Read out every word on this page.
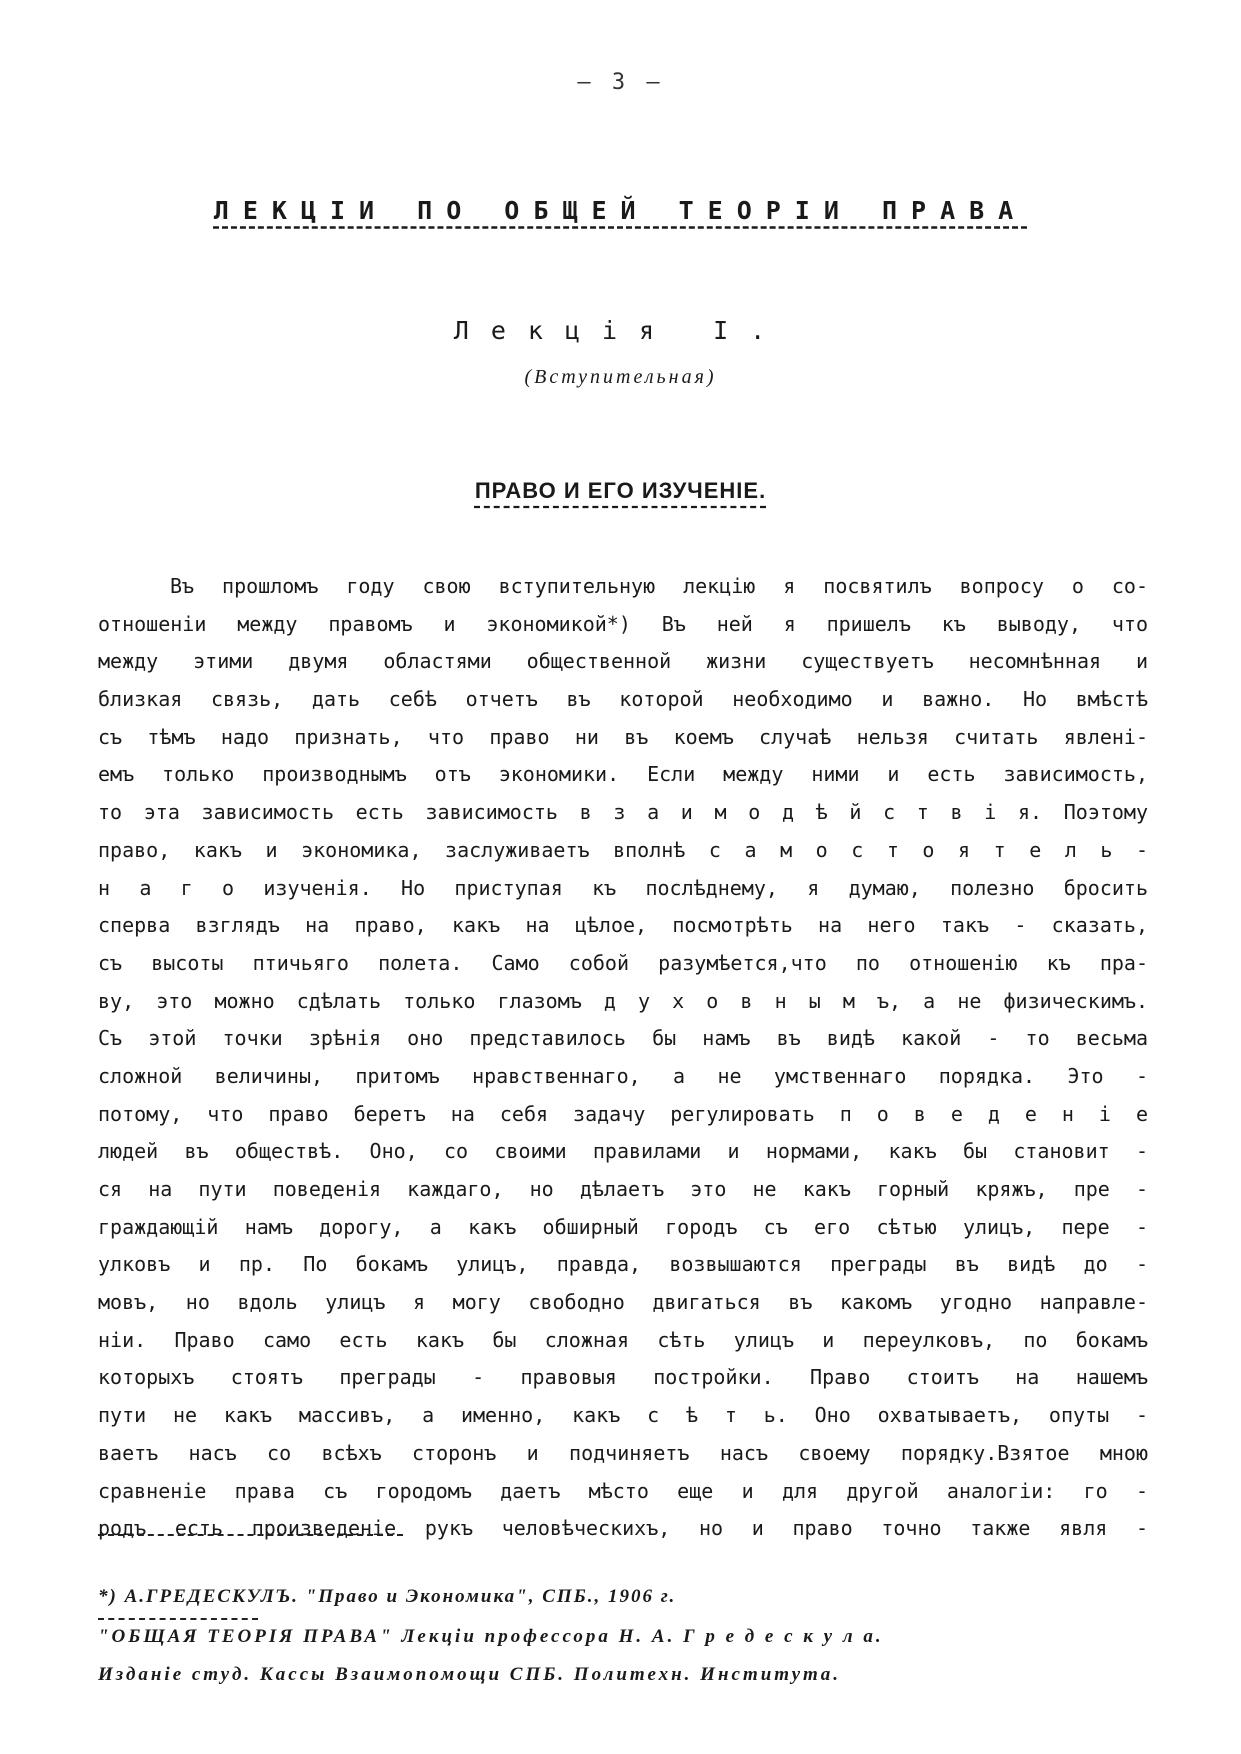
– 3 –
ЛЕКЦIИ ПО ОБЩЕЙ ТЕОРIИ ПРАВА
Лекцiя I.
(Вступительная)
ПРАВО И ЕГО ИЗУЧЕНIЕ.
Въ прошломъ году свою вступительную лекцiю я посвятилъ вопросу о со-
отношенiи между правомъ и экономикой*) Въ ней я пришелъ къ выводу, что
между этими двумя областями общественной жизни существуетъ несомнѣнная и
близкая связь, дать себѣ отчетъ въ которой необходимо и важно. Но вмѣстѣ
съ тѣмъ надо признать, что право ни въ коемъ случаѣ нельзя считать явленi-
емъ только производнымъ отъ экономики. Если между ними и есть зависимость,
то эта зависимость есть зависимость в з а и м о д ѣ й с т в i я. Поэтому
право, какъ и экономика, заслуживаетъ вполнѣ с а м о с т о я т е л ь -
н а г о изученiя. Но приступая къ послѣднему, я думаю, полезно бросить
сперва взглядъ на право, какъ на цѣлое, посмотрѣть на него такъ - сказать,
съ высоты птичьяго полета. Само собой разумѣется,что по отношенiю къ пра-
ву, это можно сдѣлать только глазомъ д у х о в н ы м ъ, а не физическимъ.
Съ этой точки зрѣнiя оно представилось бы намъ въ видѣ какой - то весьма
сложной величины, притомъ нравственнаго, а не умственнаго порядка. Это -
потому, что право беретъ на себя задачу регулировать п о в е д е н i е
людей въ обществѣ. Оно, со своими правилами и нормами, какъ бы становит -
ся на пути поведенiя каждаго, но дѣлаетъ это не какъ горный кряжъ, пре -
граждающiй намъ дорогу, а какъ обширный городъ съ его сѣтью улицъ, пере -
улковъ и пр. По бокамъ улицъ, правда, возвышаются преграды въ видѣ до -
мовъ, но вдоль улицъ я могу свободно двигаться въ какомъ угодно направле-
нiи. Право само есть какъ бы сложная сѣть улицъ и переулковъ, по бокамъ
которыхъ стоятъ преграды - правовыя постройки. Право стоитъ на нашемъ
пути не какъ массивъ, а именно, какъ с ѣ т ь. Оно охватываетъ, опуты -
ваетъ насъ со всѣхъ сторонъ и подчиняетъ насъ своему порядку.Взятое мною
сравненiе права съ городомъ даетъ мѣсто еще и для другой аналогiи: го -
родъ есть произведенiе рукъ человѣческихъ, но и право точно также явля -
*) А.ГРЕДЕСКУЛЪ. "Право и Экономика", СПБ., 1906 г.
"ОБЩАЯ ТЕОРIЯ ПРАВА" Лекцiи профессора Н. А. Г р е д е с к у л а.
Изданiе студ. Кассы Взаимопомощи СПБ. Политехн. Института.
